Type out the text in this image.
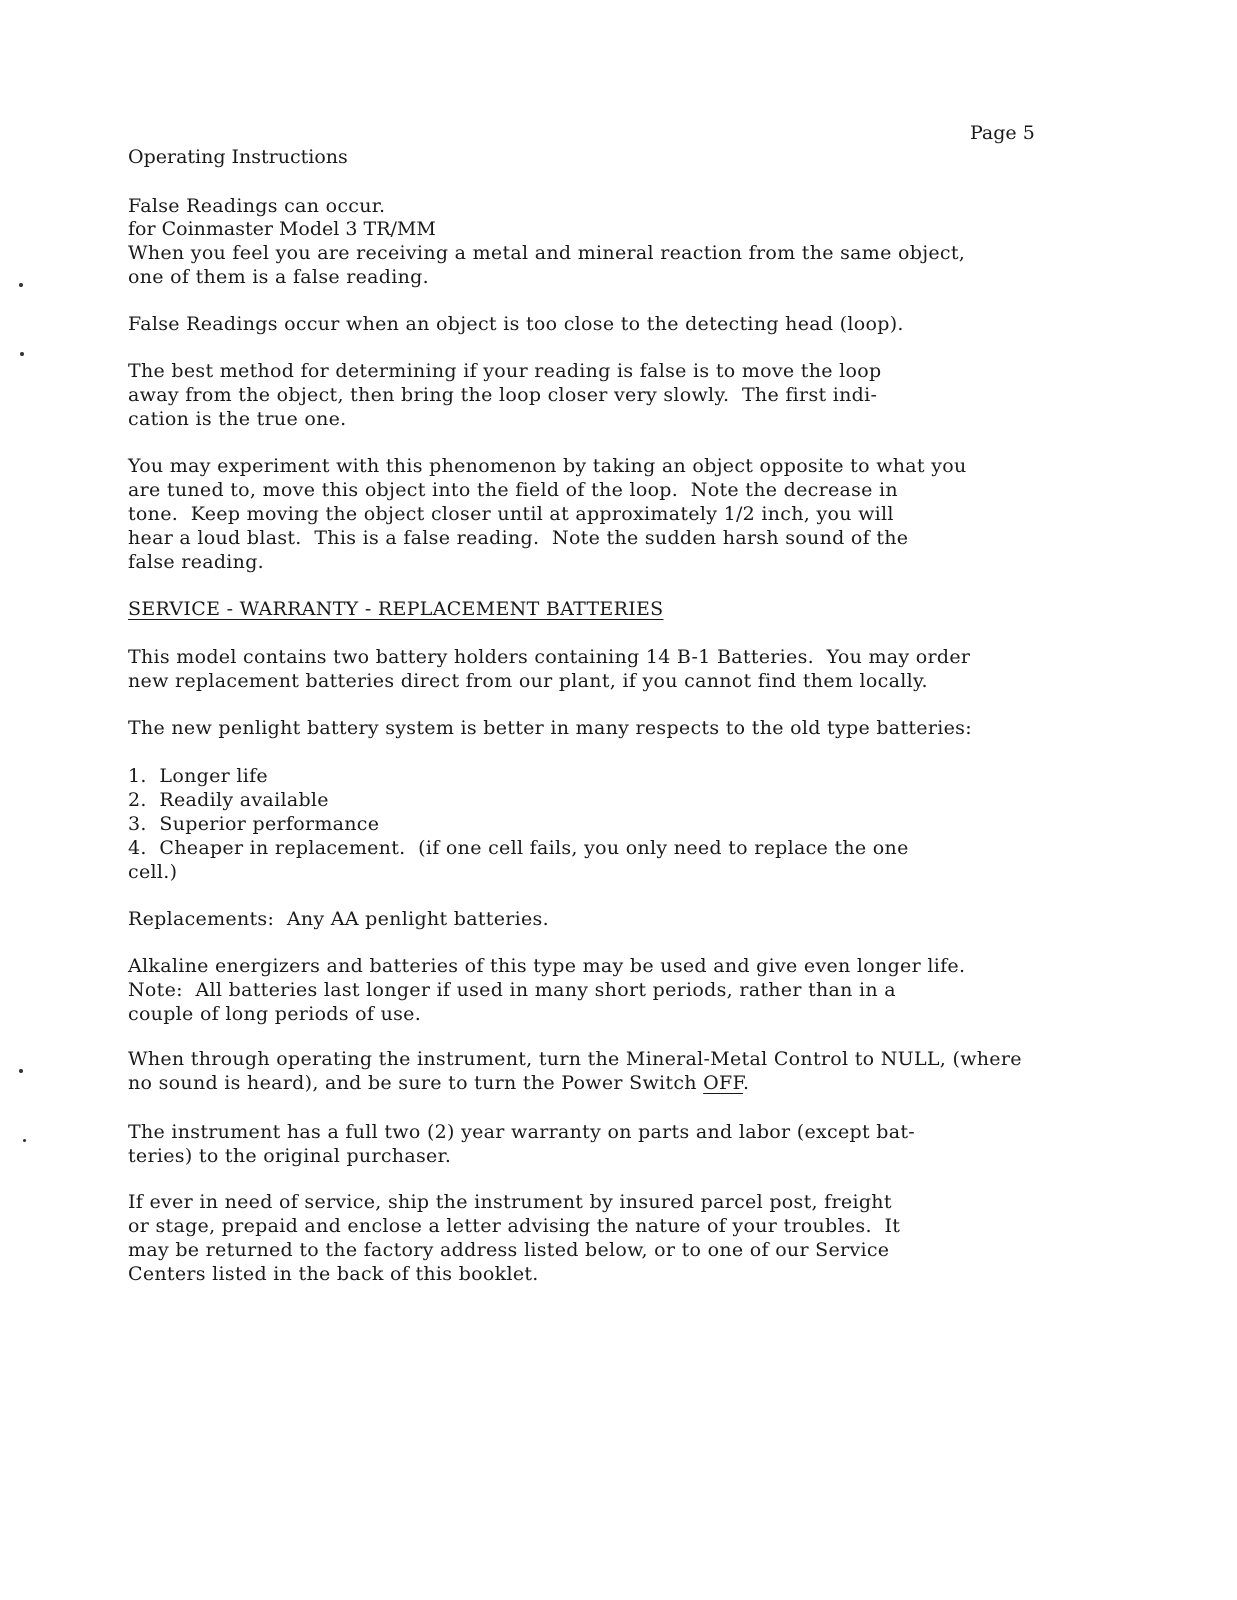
Operating Instructions

for Coinmaster Model 3 TR/MM

Page 5

False Readings can occur.

When you feel you are receiving a metal and mineral reaction from the same object,

one of them is a false reading.

False Readings occur when an object is too close to the detecting head (loop).

The best method for determining if your reading is false is to move the loop

away from the object, then bring the loop closer very slowly.  The first indi-

cation is the true one.

You may experiment with this phenomenon by taking an object opposite to what you

are tuned to, move this object into the field of the loop.  Note the decrease in

tone.  Keep moving the object closer until at approximately 1/2 inch, you will

hear a loud blast.  This is a false reading.  Note the sudden harsh sound of the

false reading.

SERVICE - WARRANTY - REPLACEMENT BATTERIES

This model contains two battery holders containing 14 B-1 Batteries.  You may order

new replacement batteries direct from our plant, if you cannot find them locally.

The new penlight battery system is better in many respects to the old type batteries:

1.  Longer life

2.  Readily available

3.  Superior performance

4.  Cheaper in replacement.  (if one cell fails, you only need to replace the one

cell.)

Replacements:  Any AA penlight batteries.

Alkaline energizers and batteries of this type may be used and give even longer life.

Note:  All batteries last longer if used in many short periods, rather than in a

couple of long periods of use.

When through operating the instrument, turn the Mineral-Metal Control to NULL, (where

no sound is heard), and be sure to turn the Power Switch OFF.

The instrument has a full two (2) year warranty on parts and labor (except bat-

teries) to the original purchaser.

If ever in need of service, ship the instrument by insured parcel post, freight

or stage, prepaid and enclose a letter advising the nature of your troubles.  It

may be returned to the factory address listed below, or to one of our Service

Centers listed in the back of this booklet.
